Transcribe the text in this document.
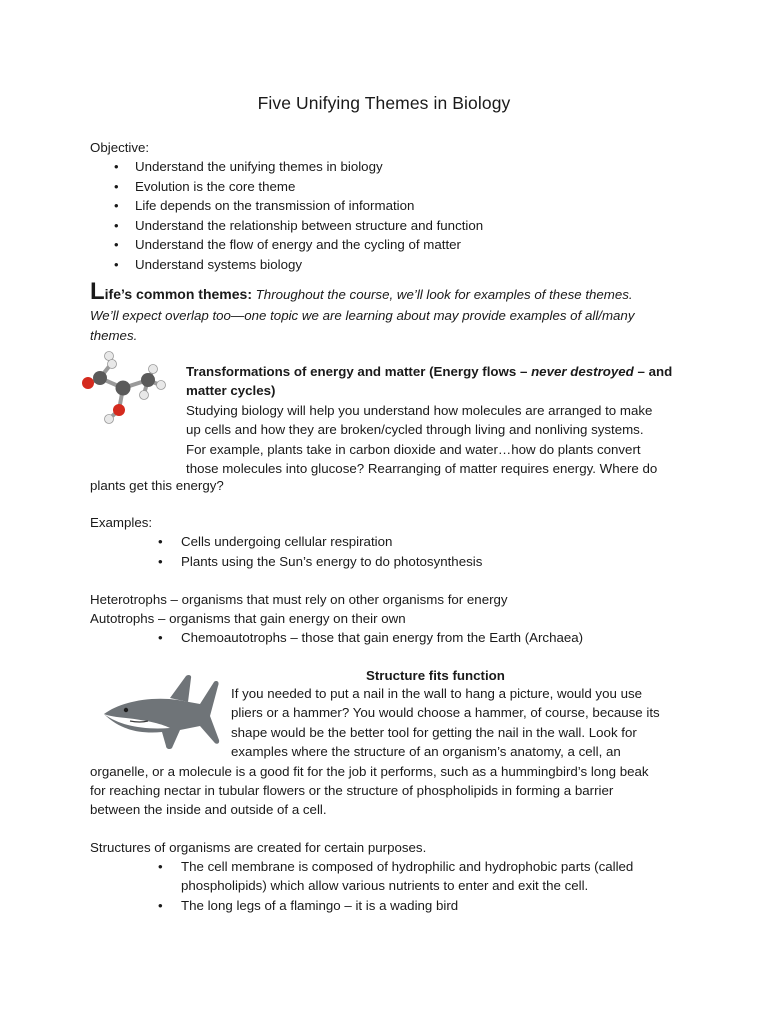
Five Unifying Themes in Biology
Objective:
• Understand the unifying themes in biology
• Evolution is the core theme
• Life depends on the transmission of information
• Understand the relationship between structure and function
• Understand the flow of energy and the cycling of matter
• Understand systems biology
Life’s common themes: Throughout the course, we’ll look for examples of these themes.
We’ll expect overlap too—one topic we are learning about may provide examples of all/many themes.
Transformations of energy and matter (Energy flows – never destroyed – and matter cycles)
Studying biology will help you understand how molecules are arranged to make
up cells and how they are broken/cycled through living and nonliving systems.
For example, plants take in carbon dioxide and water…how do plants convert
those molecules into glucose? Rearranging of matter requires energy. Where do
plants get this energy?
Examples:
• Cells undergoing cellular respiration
• Plants using the Sun’s energy to do photosynthesis
Heterotrophs – organisms that must rely on other organisms for energy
Autotrophs – organisms that gain energy on their own
• Chemoautotrophs – those that gain energy from the Earth (Archaea)
Structure fits function
If you needed to put a nail in the wall to hang a picture, would you use
pliers or a hammer? You would choose a hammer, of course, because its
shape would be the better tool for getting the nail in the wall. Look for
examples where the structure of an organism’s anatomy, a cell, an
organelle, or a molecule is a good fit for the job it performs, such as a hummingbird’s long beak
for reaching nectar in tubular flowers or the structure of phospholipids in forming a barrier
between the inside and outside of a cell.
Structures of organisms are created for certain purposes.
• The cell membrane is composed of hydrophilic and hydrophobic parts (called
phospholipids) which allow various nutrients to enter and exit the cell.
• The long legs of a flamingo – it is a wading bird
